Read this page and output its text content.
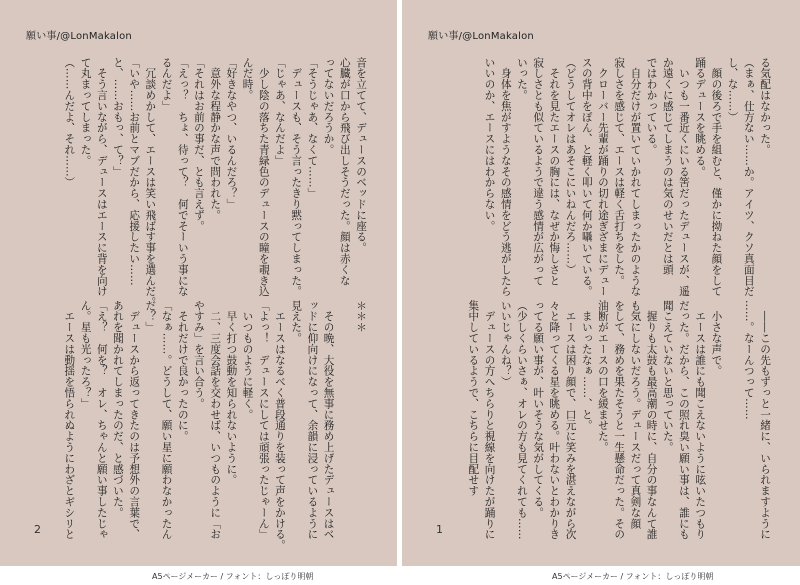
願い事/@LonMakalon
音を立てて、デュースのベッドに座る。
心臓が口から飛び出しそうだった。顔は赤くな
ってないだろうか。
「そうじゃあ、なくて……」
　デュースも、そう言ったきり黙ってしまった。
「じゃあ、なんだよ」
　少し陰の落ちた青緑色のデュースの瞳を覗き込
んだ時。
「好きなやつ、いるんだろ？」
　意外な程静かな声で問われた。
「それはお前の事だ、とも言えず。
「えっ？　ちょ、待って？　何でそーいう事にな
るんだよ」
　冗談めかして、エースは笑い飛ばす事を選んだ。
「いや……お前とマブだから、応援したい……
と、……おもっ、て？」
　そう言いながら、デュースはエースに背を向け
て丸まってしまった。
（……んだよ、それ……）
＊＊＊

　その晩、大役を無事に務め上げたデュースはベ
ッドに仰向けになって、余韻に浸っているように
見えた。
　エースはなるべく普段通りを装って声をかける。
「よっ！　デュースにしては頑張ったじゃーん」
　いつものように軽く。
　早く打つ鼓動を知られないように。
　二、三度会話を交わせば、いつものように「お
やすみ」を言い合う。
　それだけで良かったのに。
「なぁ……。どうして、願い星に願わなかったん
だ？」
　デュースから返ってきたのは予想外の言葉で、
あれを聞かれてしまったのだ、と感づいた。
「え？　何を？　オレ、ちゃんと願い事したじゃ
ん。星も光ったろ？」
　エースは動揺を悟られぬようにわざとギシリと
2
願い事/@LonMakalon
る気配はなかった。
（まぁ、仕方ない……か。アイツ、クソ真面目だ
し、な……）
　顔の後ろで手を組むと、僅かに拗ねた顔をして
踊るデュースを眺める。
　いつも一番近くにいる筈だったデュースが、遥
か遠くに感じてしまうのは気のせいだとは頭
ではわかっている。
　自分だけが置いていかれてしまったかのような
寂しさを感じて、エースは軽く舌打ちをした。
　クローバー先輩が踊りの切れ途ぎざまにデュー
スの背中をぽん、と軽く叩いて何か囁いている。
（どうしてオレはあそこにいねんだろ……）
　それを見たエースの胸には、なぜか悔しさと
寂しさとも似ているようで違う感情が広がって
いった。
　身体を焦がすようなその感情をどう逃がしたら
いいのか、エースにはわからない。
　――この先もずっと一緒に、いられますように
……。なーんつって……

　小さな声で。
　エースは誰にも聞こえないように呟いたつもり
だった。だから、この照れ臭い願い事は、誰にも
聞こえていないと思っていた。
　握りも太鼓も最高潮の時に、自分の事なんて誰
も気にしないだろう。デュースだって真剣な顔
をして、務めを果たそうと一生懸命だった。その
油断がエースの口を緩ませた。
　まいったなぁ……、と。
　エースは困り顔で、口元に笑みを湛えながら次
々と降ってくる星を眺める。叶わないとわかりき
ってる願い事が、叶いそうな気がしてくる。
（少しくらいさぁ、オレの方も見てくれても……
いいじゃんね？）
　デュースの方へちらりと視線を向けたが踊りに
集中しているようで、こちらに目配せす
1
A5ページメーカー / フォント：しっぽり明朝	A5ページメーカー / フォント：しっぽり明朝
